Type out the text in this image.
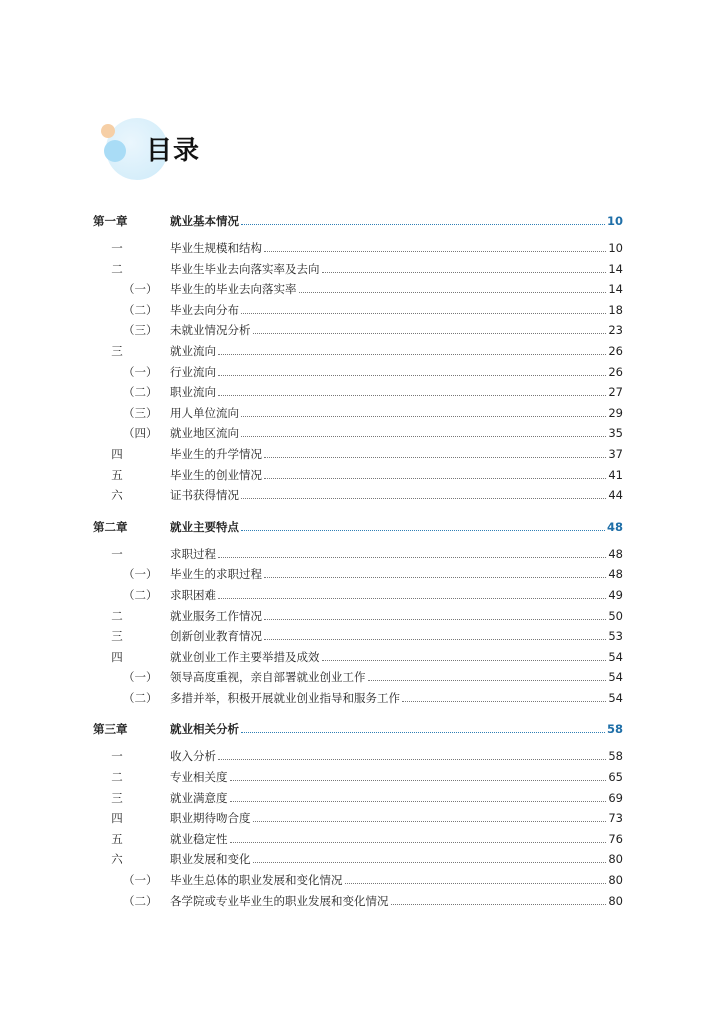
目录
第一章	就业基本情况	10
一	毕业生规模和结构	10
二	毕业生毕业去向落实率及去向	14
（一） 毕业生的毕业去向落实率	14
（二） 毕业去向分布	18
（三） 未就业情况分析	23
三	就业流向	26
（一） 行业流向	26
（二） 职业流向	27
（三） 用人单位流向	29
（四） 就业地区流向	35
四	毕业生的升学情况	37
五	毕业生的创业情况	41
六	证书获得情况	44
第二章	就业主要特点	48
一	求职过程	48
（一） 毕业生的求职过程	48
（二） 求职困难	49
二	就业服务工作情况	50
三	创新创业教育情况	53
四	就业创业工作主要举措及成效	54
（一） 领导高度重视，亲自部署就业创业工作	54
（二） 多措并举，积极开展就业创业指导和服务工作	54
第三章	就业相关分析	58
一	收入分析	58
二	专业相关度	65
三	就业满意度	69
四	职业期待吻合度	73
五	就业稳定性	76
六	职业发展和变化	80
（一） 毕业生总体的职业发展和变化情况	80
（二） 各学院或专业毕业生的职业发展和变化情况	80
